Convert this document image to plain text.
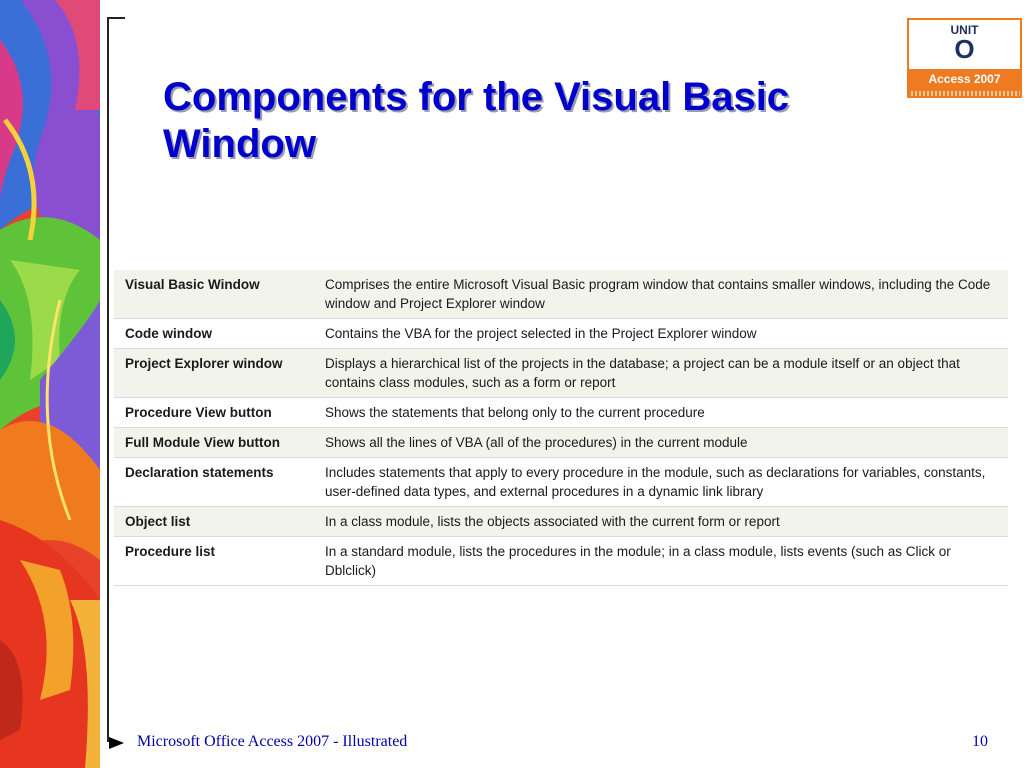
Components for the Visual Basic Window
UNIT
O
Access 2007
Visual Basic Window	Comprises the entire Microsoft Visual Basic program window that contains smaller windows, including the Code window and Project Explorer window
Code window	Contains the VBA for the project selected in the Project Explorer window
Project Explorer window	Displays a hierarchical list of the projects in the database; a project can be a module itself or an object that contains class modules, such as a form or report
Procedure View button	Shows the statements that belong only to the current procedure
Full Module View button	Shows all the lines of VBA (all of the procedures) in the current module
Declaration statements	Includes statements that apply to every procedure in the module, such as declarations for variables, constants, user-defined data types, and external procedures in a dynamic link library
Object list	In a class module, lists the objects associated with the current form or report
Procedure list	In a standard module, lists the procedures in the module; in a class module, lists events (such as Click or Dblclick)
Microsoft Office Access 2007 - Illustrated	10
